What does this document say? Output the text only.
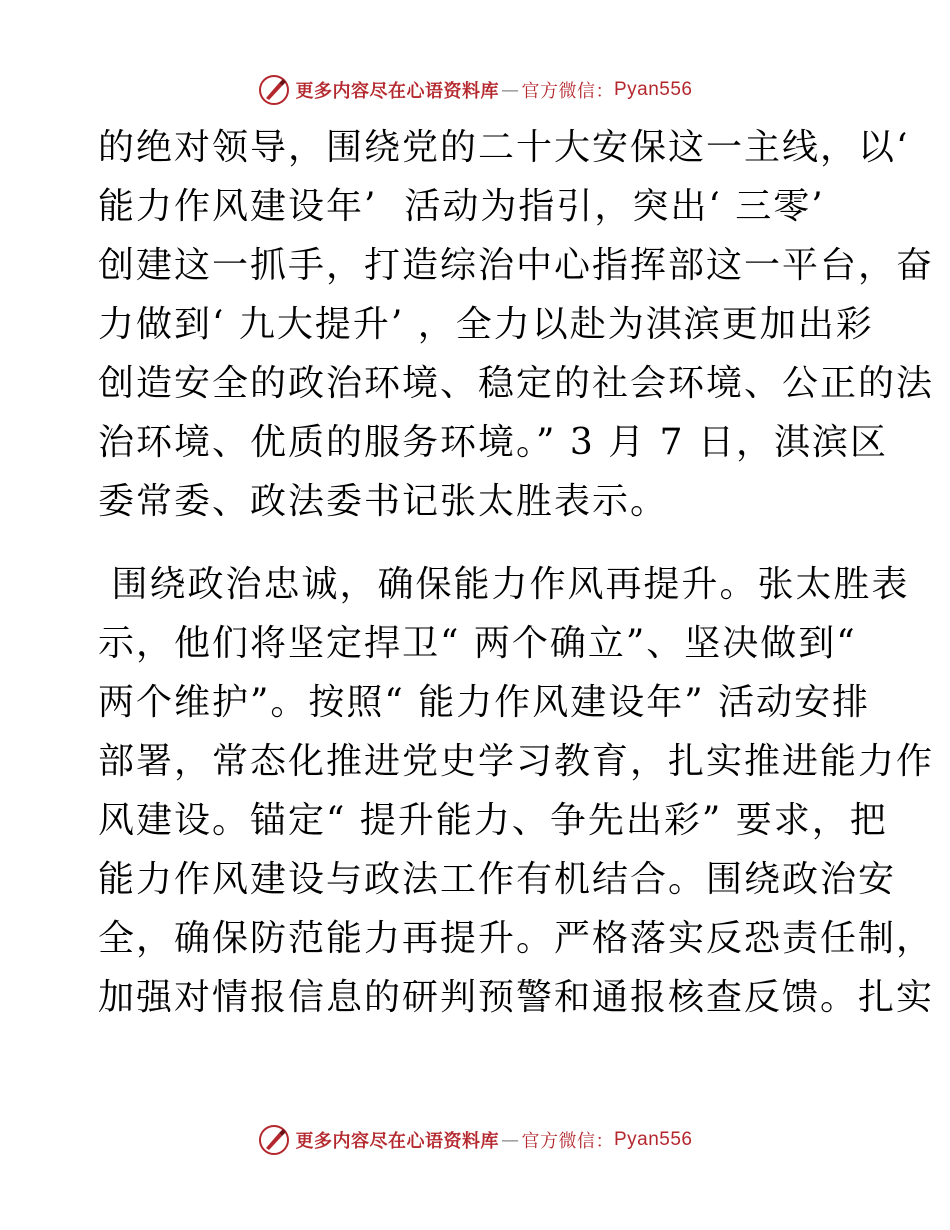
更多内容尽在心语资料库 — 官方微信： Pyan556

的绝对领导，围绕党的二十大安保这一主线，以‘

能力作风建设年’  活动为指引，突出‘ 三零’

创建这一抓手，打造综治中心指挥部这一平台，奋

力做到‘ 九大提升’ ，全力以赴为淇滨更加出彩

创造安全的政治环境、稳定的社会环境、公正的法

治环境、优质的服务环境。” 3 月 7 日，淇滨区

委常委、政法委书记张太胜表示。

围绕政治忠诚，确保能力作风再提升。张太胜表

示，他们将坚定捍卫“ 两个确立”、坚决做到“

两个维护”。按照“ 能力作风建设年” 活动安排

部署，常态化推进党史学习教育，扎实推进能力作

风建设。锚定“ 提升能力、争先出彩” 要求，把

能力作风建设与政法工作有机结合。围绕政治安

全，确保防范能力再提升。严格落实反恐责任制，

加强对情报信息的研判预警和通报核查反馈。扎实

更多内容尽在心语资料库 — 官方微信： Pyan556
